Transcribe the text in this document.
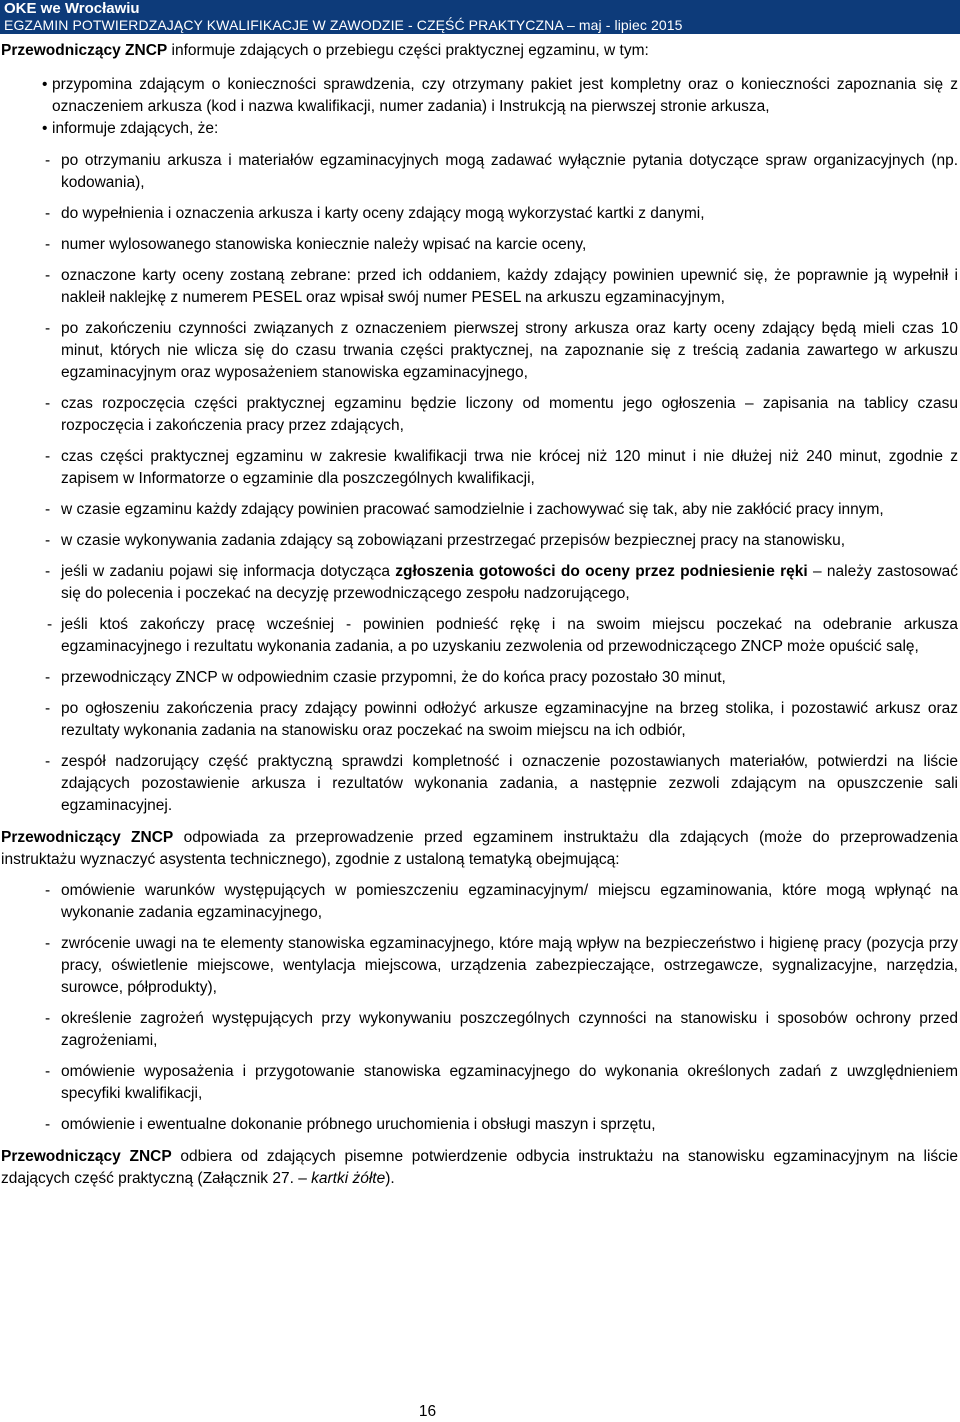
OKE we Wrocławiu
EGZAMIN POTWIERDZAJĄCY KWALIFIKACJE W ZAWODZIE - CZĘŚĆ PRAKTYCZNA – maj - lipiec 2015

Przewodniczący ZNCP informuje zdających o przebiegu części praktycznej egzaminu, w tym:

• przypomina zdającym o konieczności sprawdzenia, czy otrzymany pakiet jest kompletny oraz o konieczności zapoznania się z oznaczeniem arkusza (kod i nazwa kwalifikacji, numer zadania) i Instrukcją na pierwszej stronie arkusza,
• informuje zdających, że:
- po otrzymaniu arkusza i materiałów egzaminacyjnych mogą zadawać wyłącznie pytania dotyczące spraw organizacyjnych (np. kodowania),
- do wypełnienia i oznaczenia arkusza i karty oceny zdający mogą wykorzystać kartki z danymi,
- numer wylosowanego stanowiska koniecznie należy wpisać na karcie oceny,
- oznaczone karty oceny zostaną zebrane: przed ich oddaniem, każdy zdający powinien upewnić się, że poprawnie ją wypełnił i nakleił naklejkę z numerem PESEL oraz wpisał swój numer PESEL na arkuszu egzaminacyjnym,
- po zakończeniu czynności związanych z oznaczeniem pierwszej strony arkusza oraz karty oceny zdający będą mieli czas 10 minut, których nie wlicza się do czasu trwania części praktycznej, na zapoznanie się z treścią zadania zawartego w arkuszu egzaminacyjnym oraz wyposażeniem stanowiska egzaminacyjnego,
- czas rozpoczęcia części praktycznej egzaminu będzie liczony od momentu jego ogłoszenia – zapisania na tablicy czasu rozpoczęcia i zakończenia pracy przez zdających,
- czas części praktycznej egzaminu w zakresie kwalifikacji trwa nie krócej niż 120 minut i nie dłużej niż 240 minut, zgodnie z zapisem w Informatorze o egzaminie dla poszczególnych kwalifikacji,
- w czasie egzaminu każdy zdający powinien pracować samodzielnie i zachowywać się tak, aby nie zakłócić pracy innym,
- w czasie wykonywania zadania zdający są zobowiązani przestrzegać przepisów bezpiecznej pracy na stanowisku,
- jeśli w zadaniu pojawi się informacja dotycząca zgłoszenia gotowości do oceny przez podniesienie ręki – należy zastosować się do polecenia i poczekać na decyzję przewodniczącego zespołu nadzorującego,
- jeśli ktoś zakończy pracę wcześniej - powinien podnieść rękę i na swoim miejscu poczekać na odebranie arkusza egzaminacyjnego i rezultatu wykonania zadania, a po uzyskaniu zezwolenia od przewodniczącego ZNCP może opuścić salę,
- przewodniczący ZNCP w odpowiednim czasie przypomni, że do końca pracy pozostało 30 minut,
- po ogłoszeniu zakończenia pracy zdający powinni odłożyć arkusze egzaminacyjne na brzeg stolika, i pozostawić arkusz oraz rezultaty wykonania zadania na stanowisku oraz poczekać na swoim miejscu na ich odbiór,
- zespół nadzorujący część praktyczną sprawdzi kompletność i oznaczenie pozostawianych materiałów, potwierdzi na liście zdających pozostawienie arkusza i rezultatów wykonania zadania, a następnie zezwoli zdającym na opuszczenie sali egzaminacyjnej.

Przewodniczący ZNCP odpowiada za przeprowadzenie przed egzaminem instruktażu dla zdających (może do przeprowadzenia instruktażu wyznaczyć asystenta technicznego), zgodnie z ustaloną tematyką obejmującą:

- omówienie warunków występujących w pomieszczeniu egzaminacyjnym/ miejscu egzaminowania, które mogą wpłynąć na wykonanie zadania egzaminacyjnego,
- zwrócenie uwagi na te elementy stanowiska egzaminacyjnego, które mają wpływ na bezpieczeństwo i higienę pracy (pozycja przy pracy, oświetlenie miejscowe, wentylacja miejscowa, urządzenia zabezpieczające, ostrzegawcze, sygnalizacyjne, narzędzia, surowce, półprodukty),
- określenie zagrożeń występujących przy wykonywaniu poszczególnych czynności na stanowisku i sposobów ochrony przed zagrożeniami,
- omówienie wyposażenia i przygotowanie stanowiska egzaminacyjnego do wykonania określonych zadań z uwzględnieniem specyfiki kwalifikacji,
- omówienie i ewentualne dokonanie próbnego uruchomienia i obsługi maszyn i sprzętu,

Przewodniczący ZNCP odbiera od zdających pisemne potwierdzenie odbycia instruktażu na stanowisku egzaminacyjnym na liście zdających część praktyczną (Załącznik 27. – kartki żółte).

16
